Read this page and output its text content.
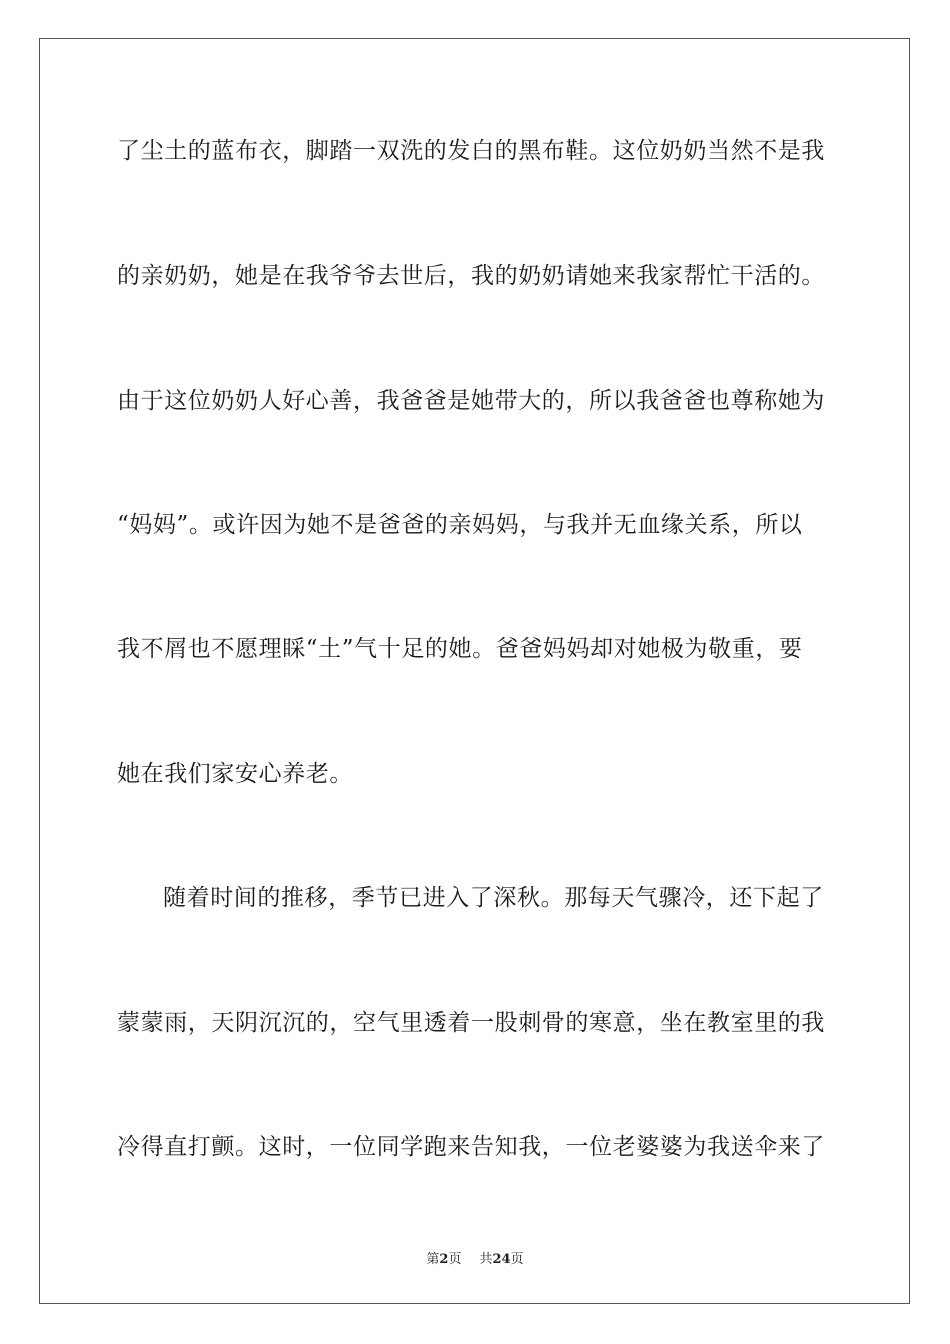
了尘土的蓝布衣，脚踏一双洗的发白的黑布鞋。这位奶奶当然不是我
的亲奶奶，她是在我爷爷去世后，我的奶奶请她来我家帮忙干活的。
由于这位奶奶人好心善，我爸爸是她带大的，所以我爸爸也尊称她为
“妈妈”。或许因为她不是爸爸的亲妈妈，与我并无血缘关系，所以
我不屑也不愿理睬“土”气十足的她。爸爸妈妈却对她极为敬重，要
她在我们家安心养老。
随着时间的推移，季节已进入了深秋。那每天气骤冷，还下起了
蒙蒙雨，天阴沉沉的，空气里透着一股刺骨的寒意，坐在教室里的我
冷得直打颤。这时，一位同学跑来告知我，一位老婆婆为我送伞来了
第2页 共24页
